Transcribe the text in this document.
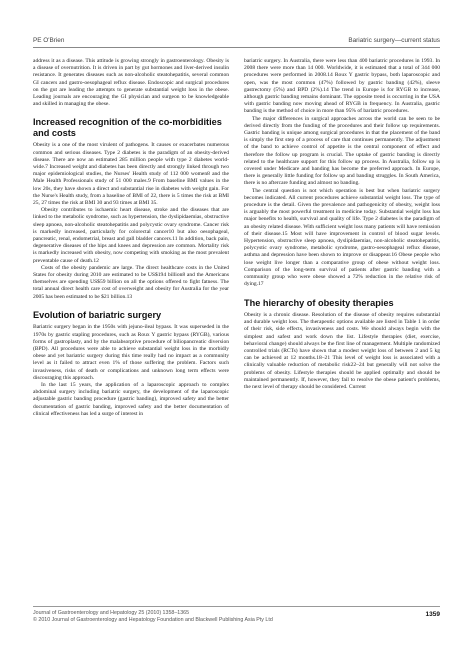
PE O'Brien	Bariatric surgery—current status

address it as a disease. This attitude is growing strongly in gastroenterology. Obesity is a disease of overnutrition. It is driven in part by gut hormones and liver-derived insulin resistance. It generates diseases such as non-alcoholic steatohepatitis, several common GI cancers and gastro-oesophageal reflux disease. Endoscopic and surgical procedures on the gut are leading the attempts to generate substantial weight loss in the obese. Leading journals are encouraging the GI physician and surgeon to be knowledgeable and skilled in managing the obese.

Increased recognition of the co-morbidities and costs

Obesity is a one of the most virulent of pathogens. It causes or exacerbates numerous common and serious diseases. Type 2 diabetes is the paradigm of an obesity-derived disease. There are now an estimated 285 million people with type 2 diabetes world-wide.7 Increased weight and diabetes has been directly and strongly linked through two major epidemiological studies, the Nurses' Health study of 112 000 women8 and the Male Health Professionals study of 51 000 males.9 From baseline BMI values in the low 20s, they have shown a direct and substantial rise in diabetes with weight gain. For the Nurse's Health study, from a baseline of BMI of 22, there is 5 times the risk at BMI 25, 27 times the risk at BMI 30 and 93 times at BMI 35.

Obesity contributes to ischaemic heart disease, stroke and the diseases that are linked to the metabolic syndrome, such as hypertension, the dyslipidaemias, obstructive sleep apnoea, non-alcoholic steatohepatitis and polycystic ovary syndrome. Cancer risk is markedly increased, particularly for colorectal cancer10 but also oesophageal, pancreatic, renal, endometrial, breast and gall bladder cancers.11 In addition, back pain, degenerative diseases of the hips and knees and depression are common. Mortality risk is markedly increased with obesity, now competing with smoking as the most prevalent preventable cause of death.12

Costs of the obesity pandemic are large. The direct healthcare costs in the United States for obesity during 2010 are estimated to be US$194 billion8 and the Americans themselves are spending US$59 billion on all the options offered to fight fatness. The total annual direct health care cost of overweight and obesity for Australia for the year 2005 has been estimated to be $21 billion.13

Evolution of bariatric surgery

Bariatric surgery began in the 1950s with jejuno-ileal bypass. It was superseded in the 1970s by gastric stapling procedures, such as Roux Y gastric bypass (RYGB), various forms of gastroplasty, and by the malabsorptive procedure of biliopancreatic diversion (BPD). All procedures were able to achieve substantial weight loss in the morbidly obese and yet bariatric surgery during this time really had no impact as a community level as it failed to attract even 1% of those suffering the problem. Factors such invasiveness, risks of death or complications and unknown long term effects were discouraging this approach.

In the last 15 years, the application of a laparoscopic approach to complex abdominal surgery including bariatric surgery, the development of the laparoscopic adjustable gastric banding procedure (gastric banding), improved safety and the better documentation of gastric banding, improved safety and the better documentation of clinical effectiveness has led a surge of interest in

bariatric surgery. In Australia, there were less than 400 bariatric procedures in 1993. In 2008 there were more than 14 000. Worldwide, it is estimated that a total of 344 000 procedures were performed in 2008.14 Roux Y gastric bypass, both laparoscopic and open, was the most common (47%) followed by gastric banding (42%), sleeve gastrectomy (5%) and BPD (2%).14 The trend in Europe is for RYGB to increase, although gastric banding remains dominant. The opposite trend is occurring in the USA with gastric banding now moving ahead of RYGB in frequency. In Australia, gastric banding is the method of choice in more than 95% of bariatric procedures.

The major differences in surgical approaches across the world can be seen to be derived directly from the funding of the procedures and their follow up requirements. Gastric banding is unique among surgical procedures in that the placement of the band is simply the first step of a process of care that continues permanently. The adjustment of the band to achieve control of appetite is the central component of effect and therefore the follow up program is crucial. The uptake of gastric banding is directly related to the healthcare support for this follow up process. In Australia, follow up is covered under Medicare and banding has become the preferred approach. In Europe, there is generally little funding for follow up and banding struggles. In South America, there is no aftercare funding and almost no banding.

The central question is not which operation is best but when bariatric surgery becomes indicated. All current procedures achieve substantial weight loss. The type of procedure is the detail. Given the prevalence and pathogenicity of obesity, weight loss is arguably the most powerful treatment in medicine today. Substantial weight loss has major benefits to health, survival and quality of life. Type 2 diabetes is the paradigm of an obesity related disease. With sufficient weight loss many patients will have remission of their disease.15 Most will have improvement in control of blood sugar levels. Hypertension, obstructive sleep apnoea, dyslipidaemias, non-alcoholic steatohepatitis, polycystic ovary syndrome, metabolic syndrome, gastro-oesophageal reflux disease, asthma and depression have been shown to improve or disappear.16 Obese people who lose weight live longer than a comparative group of obese without weight loss. Comparison of the long-term survival of patients after gastric banding with a community group who were obese showed a 72% reduction in the relative risk of dying.17

The hierarchy of obesity therapies

Obesity is a chronic disease. Resolution of the disease of obesity requires substantial and durable weight loss. The therapeutic options available are listed in Table 1 in order of their risk, side effects, invasiveness and costs. We should always begin with the simplest and safest and work down the list. Lifestyle therapies (diet, exercise, behavioral change) should always be the first line of management. Multiple randomized controlled trials (RCTs) have shown that a modest weight loss of between 2 and 5 kg can be achieved at 12 months.18–21 This level of weight loss is associated with a clinically valuable reduction of metabolic risk22–24 but generally will not solve the problems of obesity. Lifestyle therapies should be applied optimally and should be maintained permanently. If, however, they fail to resolve the obese patient's problems, the next level of therapy should be considered. Current

Journal of Gastroenterology and Hepatology 25 (2010) 1358–1365
© 2010 Journal of Gastroenterology and Hepatology Foundation and Blackwell Publishing Asia Pty Ltd
1359
